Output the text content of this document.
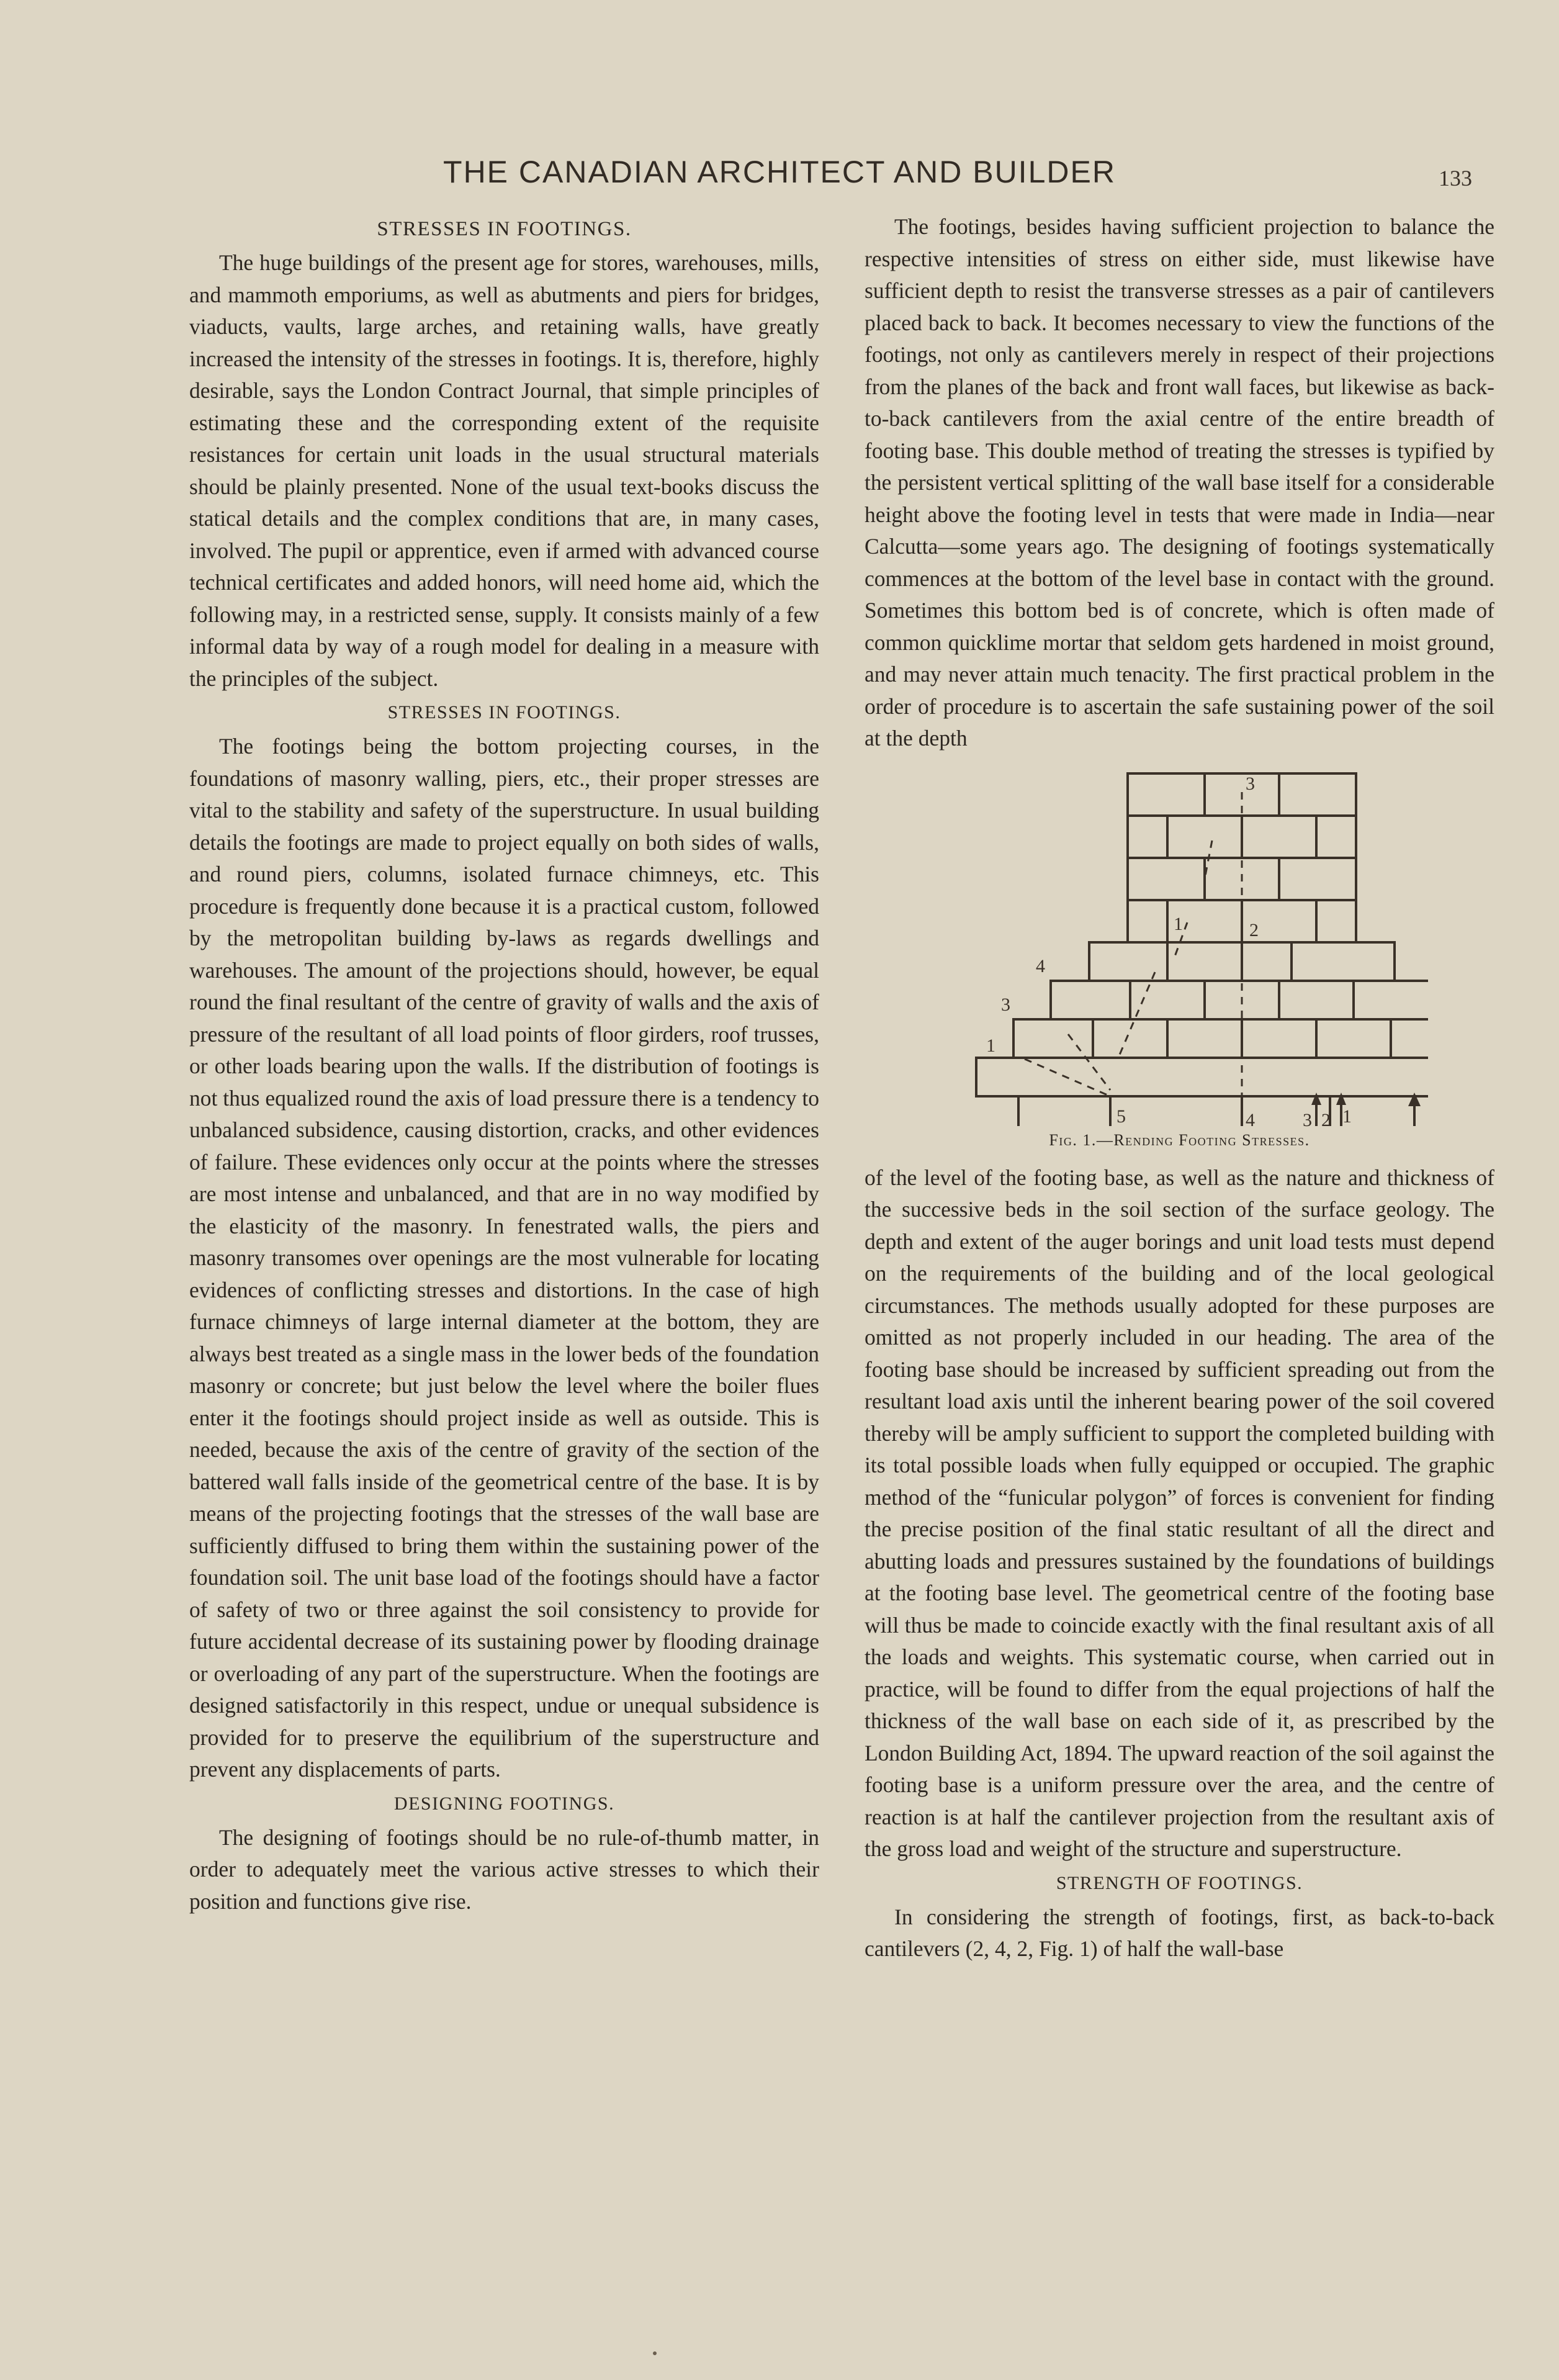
THE CANADIAN ARCHITECT AND BUILDER	133
STRESSES IN FOOTINGS.

The huge buildings of the present age for stores, warehouses, mills, and mammoth emporiums, as well as abutments and piers for bridges, viaducts, vaults, large arches, and retaining walls, have greatly increased the intensity of the stresses in footings. It is, therefore, highly desirable, says the London Contract Journal, that simple principles of estimating these and the corresponding extent of the requisite resistances for certain unit loads in the usual structural materials should be plainly presented. None of the usual text-books discuss the statical details and the complex conditions that are, in many cases, involved. The pupil or apprentice, even if armed with advanced course technical certificates and added honors, will need home aid, which the following may, in a restricted sense, supply. It consists mainly of a few informal data by way of a rough model for dealing in a measure with the principles of the subject.

STRESSES IN FOOTINGS.

The footings being the bottom projecting courses, in the foundations of masonry walling, piers, etc., their proper stresses are vital to the stability and safety of the superstructure. In usual building details the footings are made to project equally on both sides of walls, and round piers, columns, isolated furnace chimneys, etc. This procedure is frequently done because it is a practical custom, followed by the metropolitan building by-laws as regards dwellings and warehouses. The amount of the projections should, however, be equal round the final resultant of the centre of gravity of walls and the axis of pressure of the resultant of all load points of floor girders, roof trusses, or other loads bearing upon the walls. If the distribution of footings is not thus equalized round the axis of load pressure there is a tendency to unbalanced subsidence, causing distortion, cracks, and other evidences of failure. These evidences only occur at the points where the stresses are most intense and unbalanced, and that are in no way modified by the elasticity of the masonry. In fenestrated walls, the piers and masonry transomes over openings are the most vulnerable for locating evidences of conflicting stresses and distortions. In the case of high furnace chimneys of large internal diameter at the bottom, they are always best treated as a single mass in the lower beds of the foundation masonry or concrete; but just below the level where the boiler flues enter it the footings should project inside as well as outside. This is needed, because the axis of the centre of gravity of the section of the battered wall falls inside of the geometrical centre of the base. It is by means of the projecting footings that the stresses of the wall base are sufficiently diffused to bring them within the sustaining power of the foundation soil. The unit base load of the footings should have a factor of safety of two or three against the soil consistency to provide for future accidental decrease of its sustaining power by flooding drainage or overloading of any part of the superstructure. When the footings are designed satisfactorily in this respect, undue or unequal subsidence is provided for to preserve the equilibrium of the superstructure and prevent any displacements of parts.

DESIGNING FOOTINGS.

The designing of footings should be no rule-of-thumb matter, in order to adequately meet the various active stresses to which their position and functions give rise.

The footings, besides having sufficient projection to balance the respective intensities of stress on either side, must likewise have sufficient depth to resist the transverse stresses as a pair of cantilevers placed back to back. It becomes necessary to view the functions of the footings, not only as cantilevers merely in respect of their projections from the planes of the back and front wall faces, but likewise as back-to-back cantilevers from the axial centre of the entire breadth of footing base. This double method of treating the stresses is typified by the persistent vertical splitting of the wall base itself for a considerable height above the footing level in tests that were made in India—near Calcutta—some years ago. The designing of footings systematically commences at the bottom of the level base in contact with the ground. Sometimes this bottom bed is of concrete, which is often made of common quicklime mortar that seldom gets hardened in moist ground, and may never attain much tenacity. The first practical problem in the order of procedure is to ascertain the safe sustaining power of the soil at the depth

3
1	2
4
3
1
5	4	3 2 1
Fig. 1.—Rending Footing Stresses.

of the level of the footing base, as well as the nature and thickness of the successive beds in the soil section of the surface geology. The depth and extent of the auger borings and unit load tests must depend on the requirements of the building and of the local geological circumstances. The methods usually adopted for these purposes are omitted as not properly included in our heading. The area of the footing base should be increased by sufficient spreading out from the resultant load axis until the inherent bearing power of the soil covered thereby will be amply sufficient to support the completed building with its total possible loads when fully equipped or occupied. The graphic method of the “funicular polygon” of forces is convenient for finding the precise position of the final static resultant of all the direct and abutting loads and pressures sustained by the foundations of buildings at the footing base level. The geometrical centre of the footing base will thus be made to coincide exactly with the final resultant axis of all the loads and weights. This systematic course, when carried out in practice, will be found to differ from the equal projections of half the thickness of the wall base on each side of it, as prescribed by the London Building Act, 1894. The upward reaction of the soil against the footing base is a uniform pressure over the area, and the centre of reaction is at half the cantilever projection from the resultant axis of the gross load and weight of the structure and superstructure.

STRENGTH OF FOOTINGS.

In considering the strength of footings, first, as back-to-back cantilevers (2, 4, 2, Fig. 1) of half the wall-base
